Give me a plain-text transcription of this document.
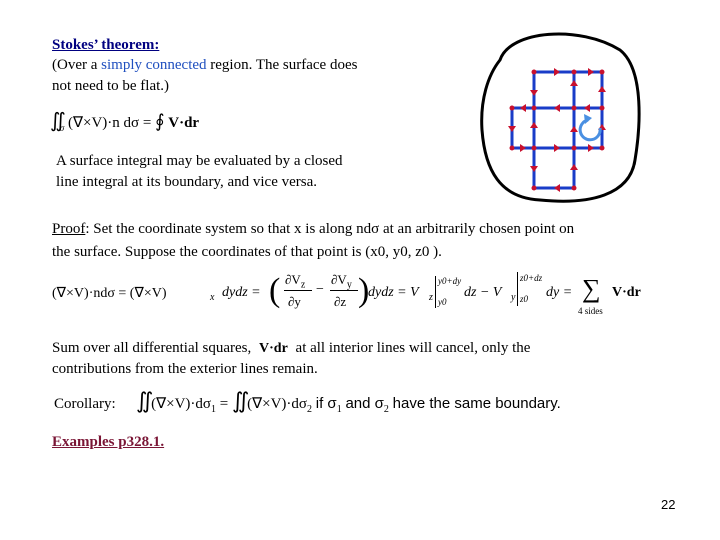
Stokes’ theorem:
(Over a simply connected region. The surface does
not need to be flat.)
$∬_\sigma$ (∇×V)·n dσ = ∮ V·dr
A surface integral may be evaluated by a closed
line integral at its boundary, and vice versa.
Proof: Set the coordinate system so that x is along ndσ at an arbitrarily chosen point on
the surface. Suppose the coordinates of that point is (x0, y0, z0 ).
(∇×V)·ndσ = (∇×V)	x dydz = ( $\partial V_z$
∂y
−
$\partial V_y$
∂z )
dydz = V z
y0+dy
y0
dz − V y
z0+dz
z0 dy = ∑
4 sides
V·dr
Sum over all differential squares, V·dr at all interior lines will cancel, only the
contributions from the exterior lines remain.
Corollary: ∬ $(\nabla\times V)\cdot d\sigma_1$ = ∬ $(\nabla\times V)\cdot d\sigma_2$ if $\sigma_1$ and $\sigma_2$ have the same boundary.
Examples p328.1.
22
